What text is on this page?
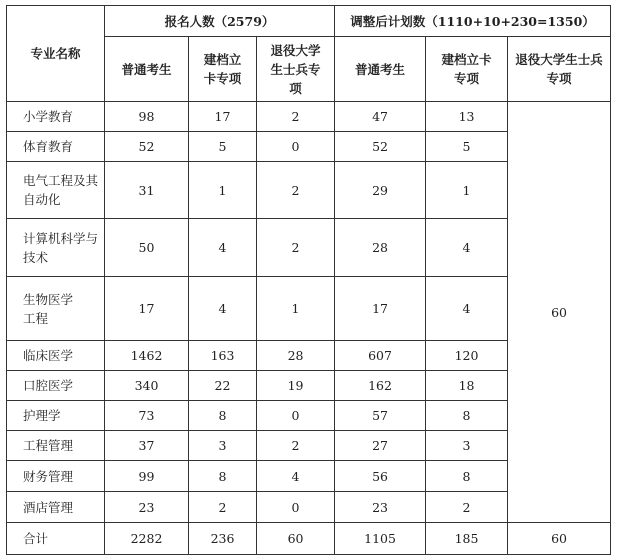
专业名称	报名人数（2579）			调整后计划数（1110+10+230=1350）		
	普通考生	建档立卡专项	退役大学生士兵专项	普通考生	建档立卡专项	退役大学生士兵专项
小学教育	98	17	2	47	13	60
体育教育	52	5	0	52	5	
电气工程及其自动化	31	1	2	29	1	
计算机科学与技术	50	4	2	28	4	
生物医学工程	17	4	1	17	4	
临床医学	1462	163	28	607	120	
口腔医学	340	22	19	162	18	
护理学	73	8	0	57	8	
工程管理	37	3	2	27	3	
财务管理	99	8	4	56	8	
酒店管理	23	2	0	23	2	
合计	2282	236	60	1105	185	60
